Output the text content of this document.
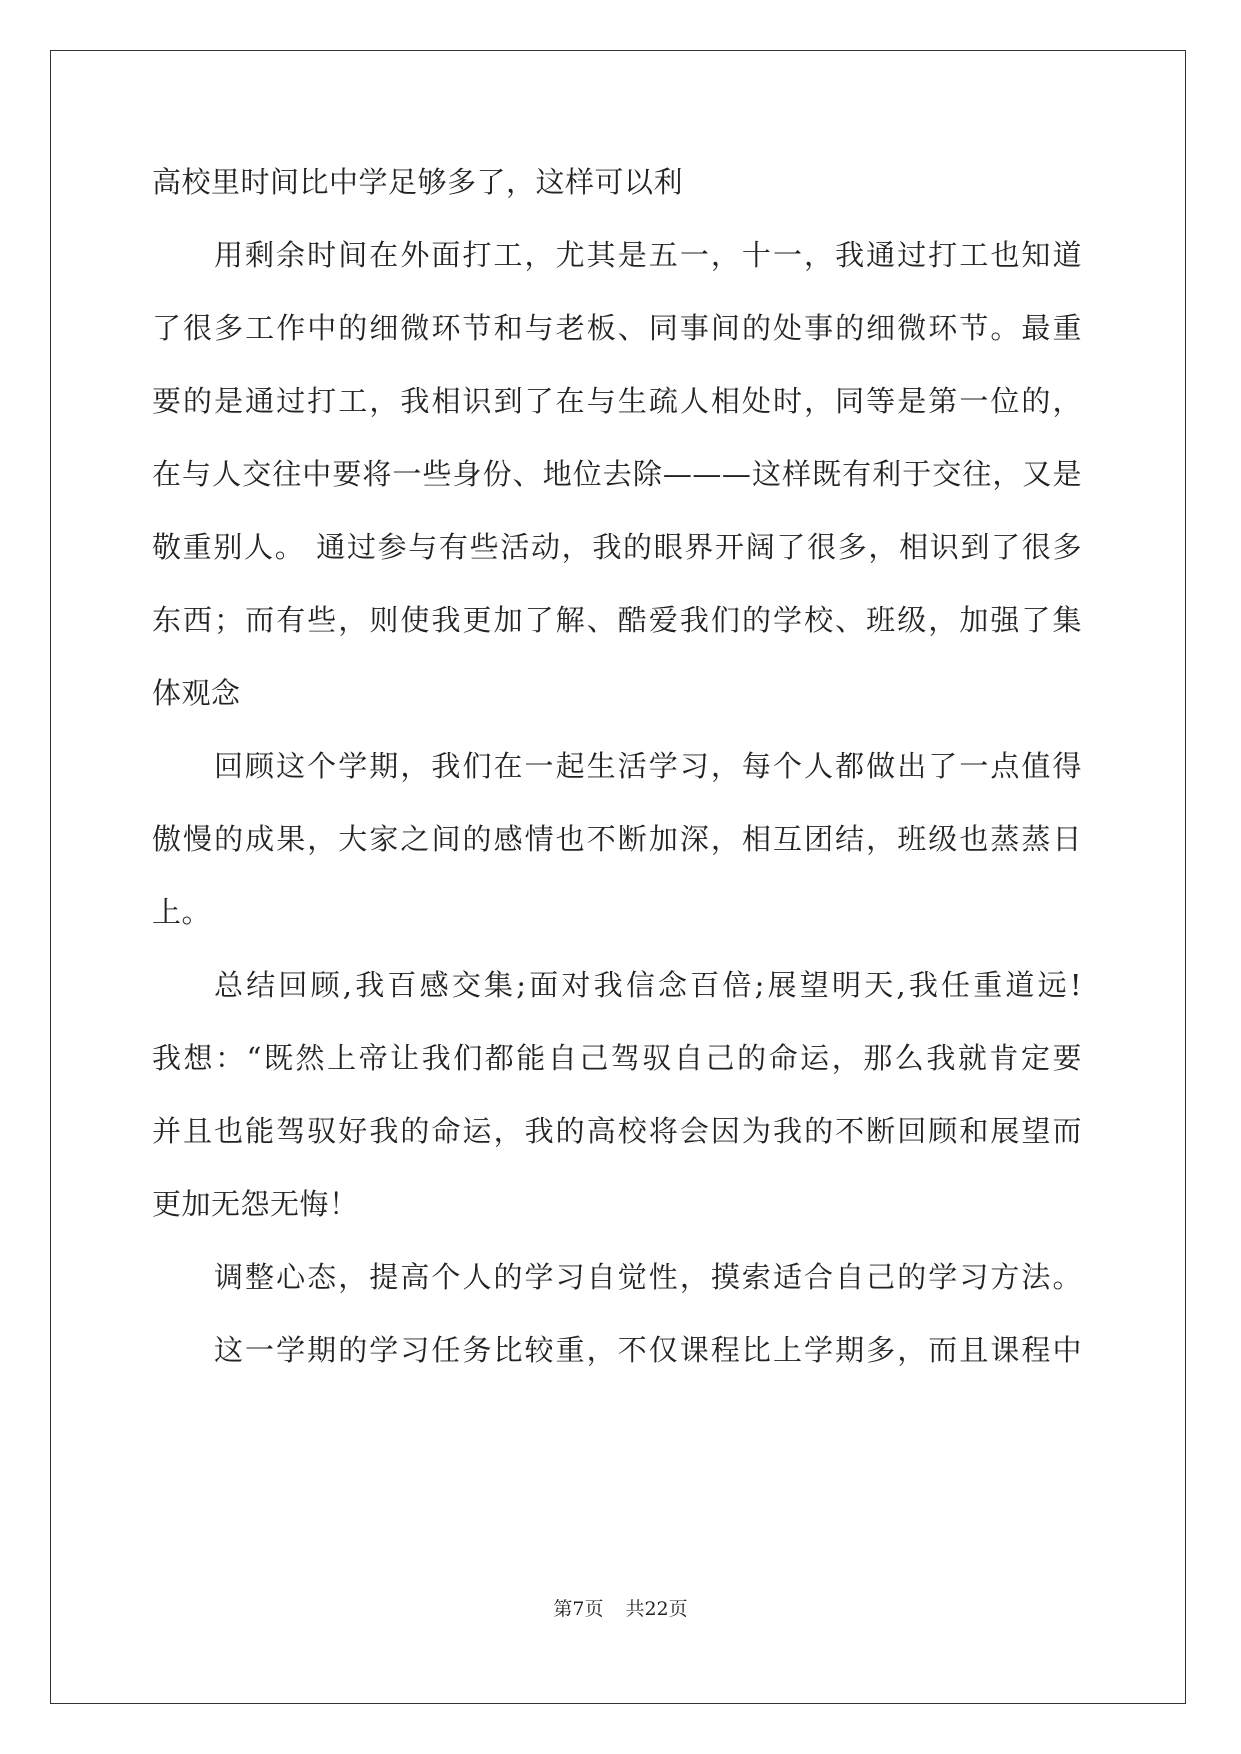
高校里时间比中学足够多了，这样可以利
用剩余时间在外面打工，尤其是五一，十一，我通过打工也知道
了很多工作中的细微环节和与老板、同事间的处事的细微环节。最重
要的是通过打工，我相识到了在与生疏人相处时，同等是第一位的，
在与人交往中要将一些身份、地位去除———这样既有利于交往，又是
敬重别人。 通过参与有些活动，我的眼界开阔了很多，相识到了很多
东西；而有些，则使我更加了解、酷爱我们的学校、班级，加强了集
体观念
回顾这个学期，我们在一起生活学习，每个人都做出了一点值得
傲慢的成果，大家之间的感情也不断加深，相互团结，班级也蒸蒸日
上。
总结回顾,我百感交集;面对我信念百倍;展望明天,我任重道远!
我想：“既然上帝让我们都能自己驾驭自己的命运，那么我就肯定要
并且也能驾驭好我的命运，我的高校将会因为我的不断回顾和展望而
更加无怨无悔！
调整心态，提高个人的学习自觉性，摸索适合自己的学习方法。
这一学期的学习任务比较重，不仅课程比上学期多，而且课程中
第7页 共22页
